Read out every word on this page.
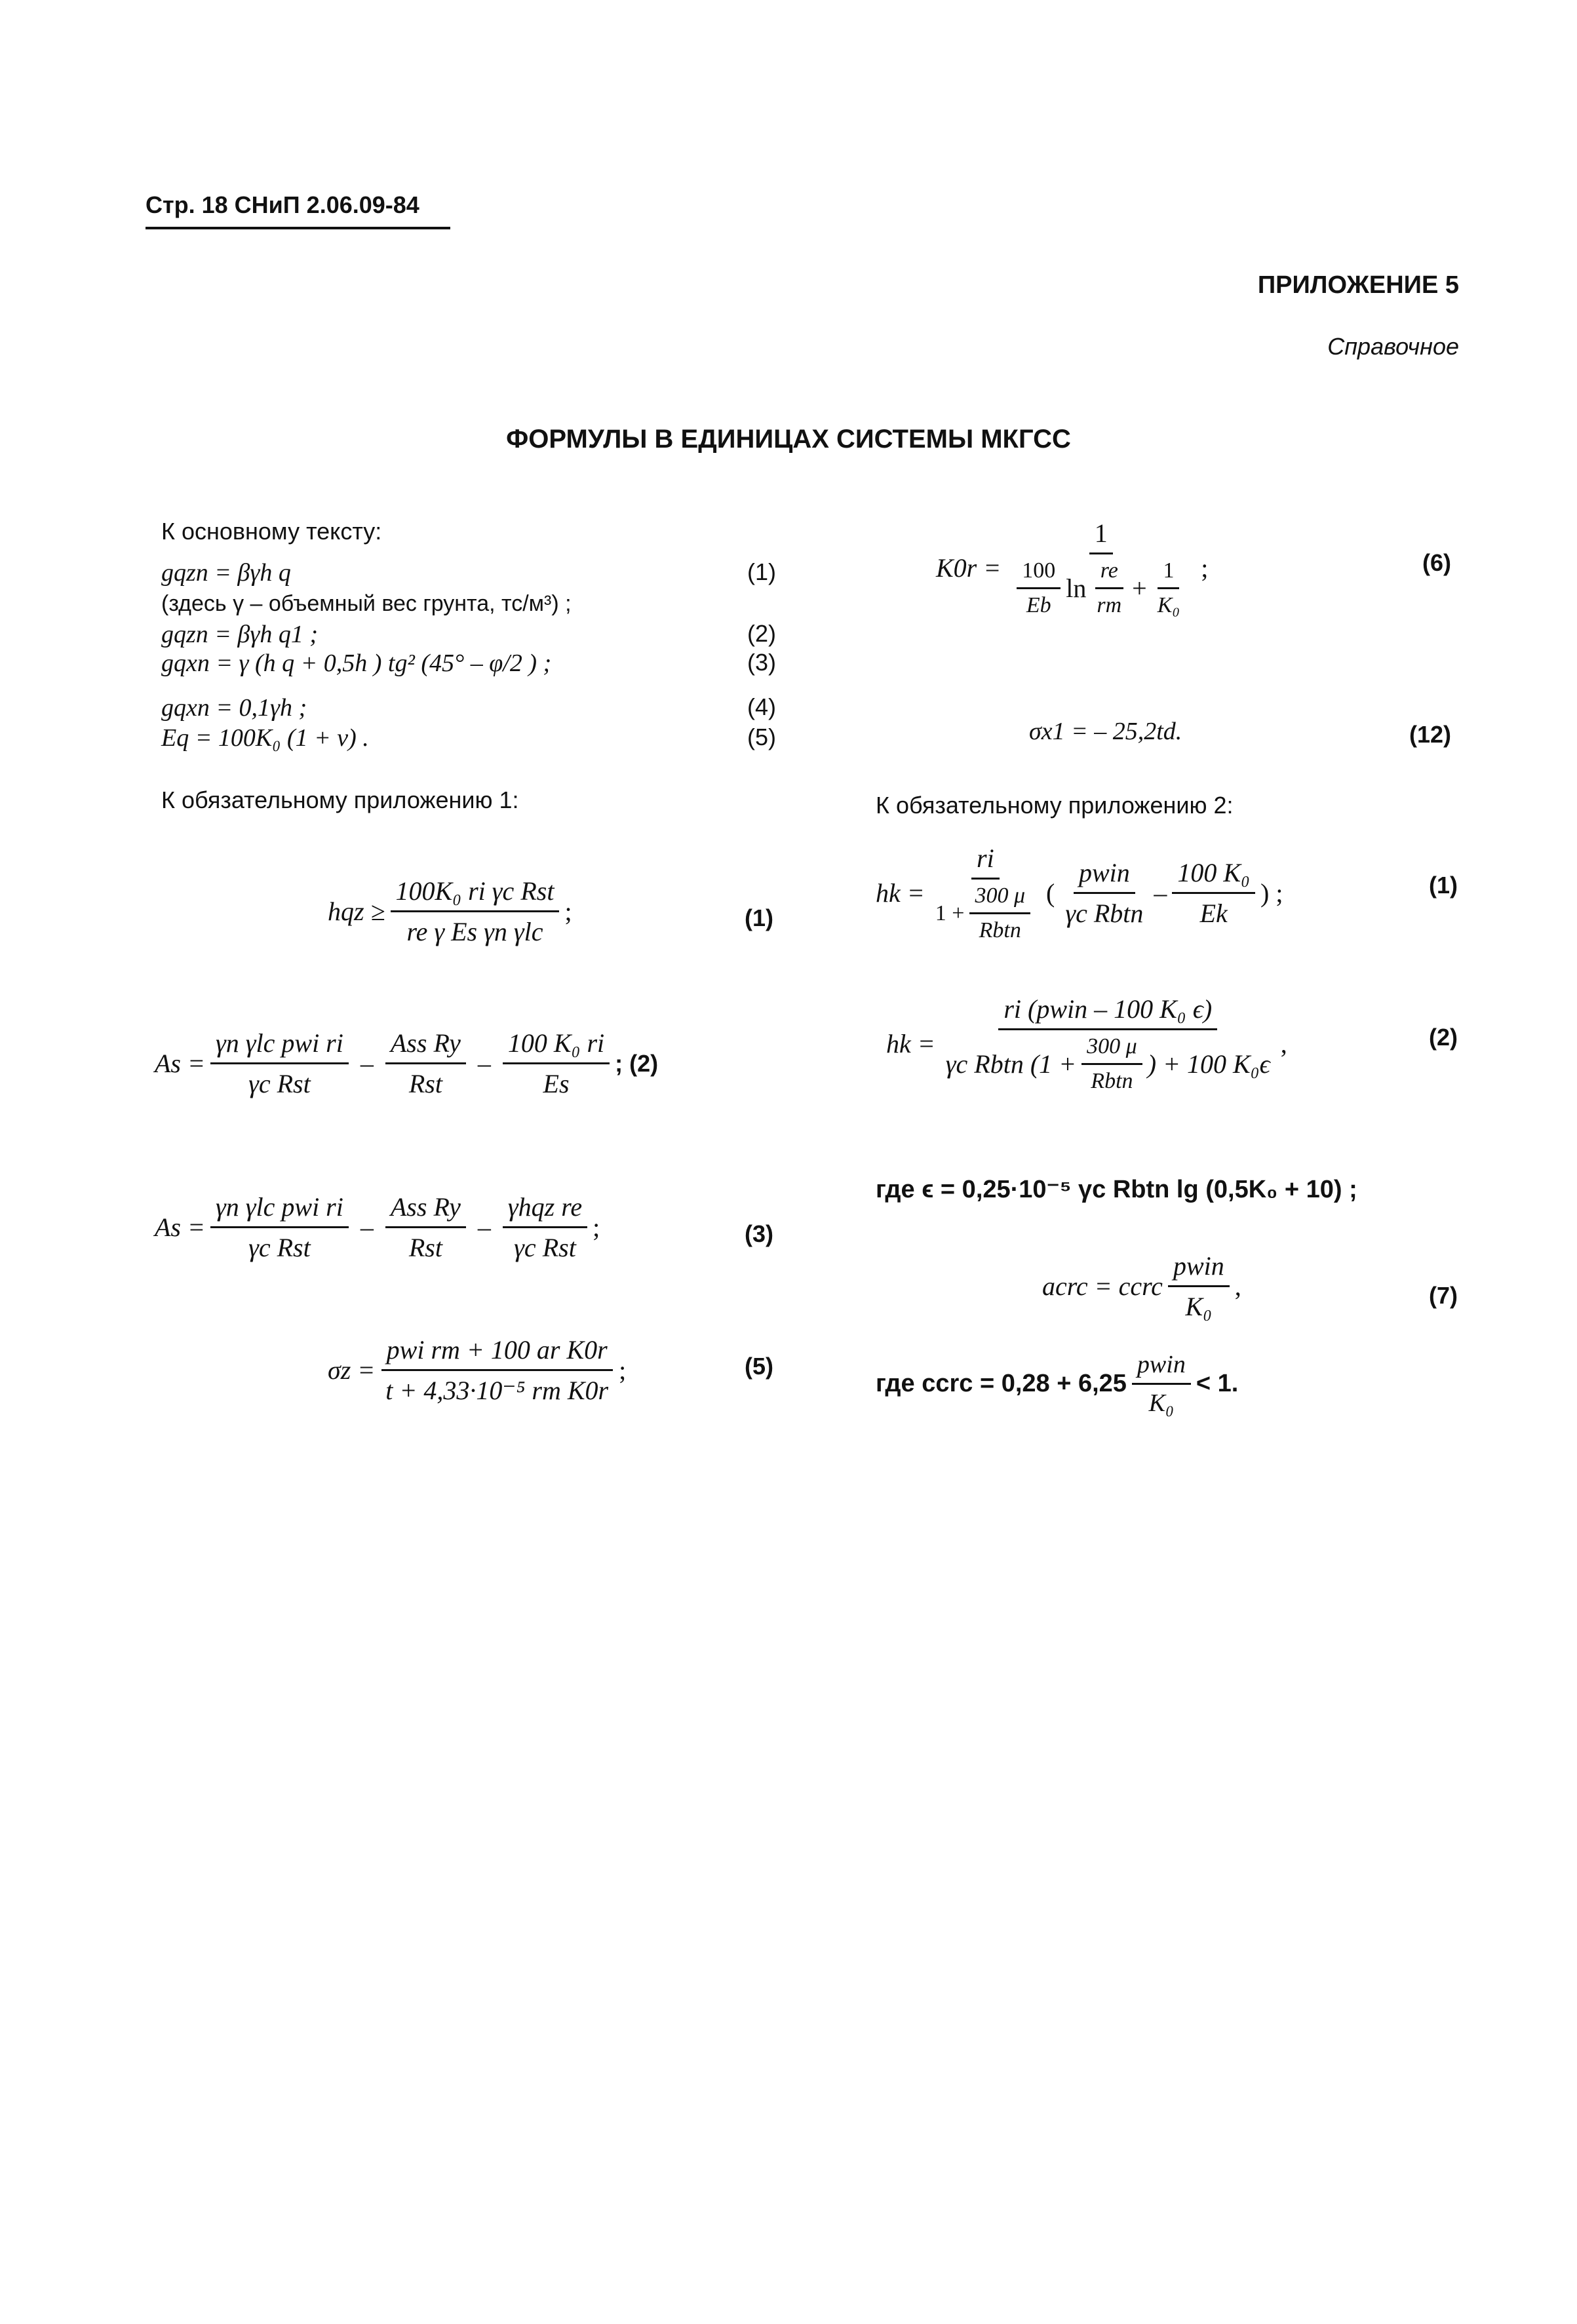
Стр. 18 СНиП 2.06.09-84
ПРИЛОЖЕНИЕ 5
Справочное
ФОРМУЛЫ В ЕДИНИЦАХ СИСТЕМЫ МКГСС
К основному тексту:
gqzn = βγh q	(1)
(здесь γ – объемный вес грунта, тс/м³) ;
gqzn = βγh q1 ;	(2)
gqxn = γ (h q + 0,5h ) tg² (45° – φ/2 ) ;	(3)
gqxn = 0,1γh ;	(4)
Eq = 100K₀ (1 + ν) .	(5)
К обязательному приложению 1:
hqz ≥ $\frac{\text{100K₀ ri γc Rst}}{\text{re γ Es γn γlc}}$ ;	(1)
$As = \frac{\text{γn γlc pwi ri}}{\text{γc Rst}} - \frac{\text{Ass Ry}}{\text{Rst}} - \frac{\text{100 K₀ ri}}{Es}$ ; (2)
$As = \frac{\text{γn γlc pwi ri}}{\text{γc Rst}} - \frac{\text{Ass Ry}}{\text{Rst}} - \frac{\text{γhqz re}}{\text{γc Rst}}$ ;	(3)
$\sigma z = \frac{\text{pwi rm + 100 ar K0r}}{\text{t + 4,33·10⁻⁵ rm K0r}}$ ;	(5)
K0r =
1
$\frac{100}{Eb}$ $\ln \frac{re}{rm} + \frac{1}{\text{K₀}}$ ;	(6)
σx1 = – 25,2td.	(12)
К обязательному приложению 2:
hk = $\frac{ri}{1 + \frac{300 \mu}{\text{Rbtn}}}$ ( $\frac{\text{pwin}}{\text{γc Rbtn}} - \frac{\text{100 K₀}}{Ek}$ ) ;	(1)
hk =
ri (pwin – 100 K₀ ϵ)
γc Rbtn ($1 + \frac{300 \mu}{\text{Rbtn}}$ ) + 100 K₀ϵ
,	(2)
где ϵ = 0,25·10⁻⁵ γc Rbtn lg (0,5K₀ + 10) ;
acrc = ccrc $\frac{\text{pwin}}{\text{K₀}}$ ,	(7)
где ccrc = $0,28 + 6,25 \frac{\text{pwin}}{\text{K₀}} < 1$.
